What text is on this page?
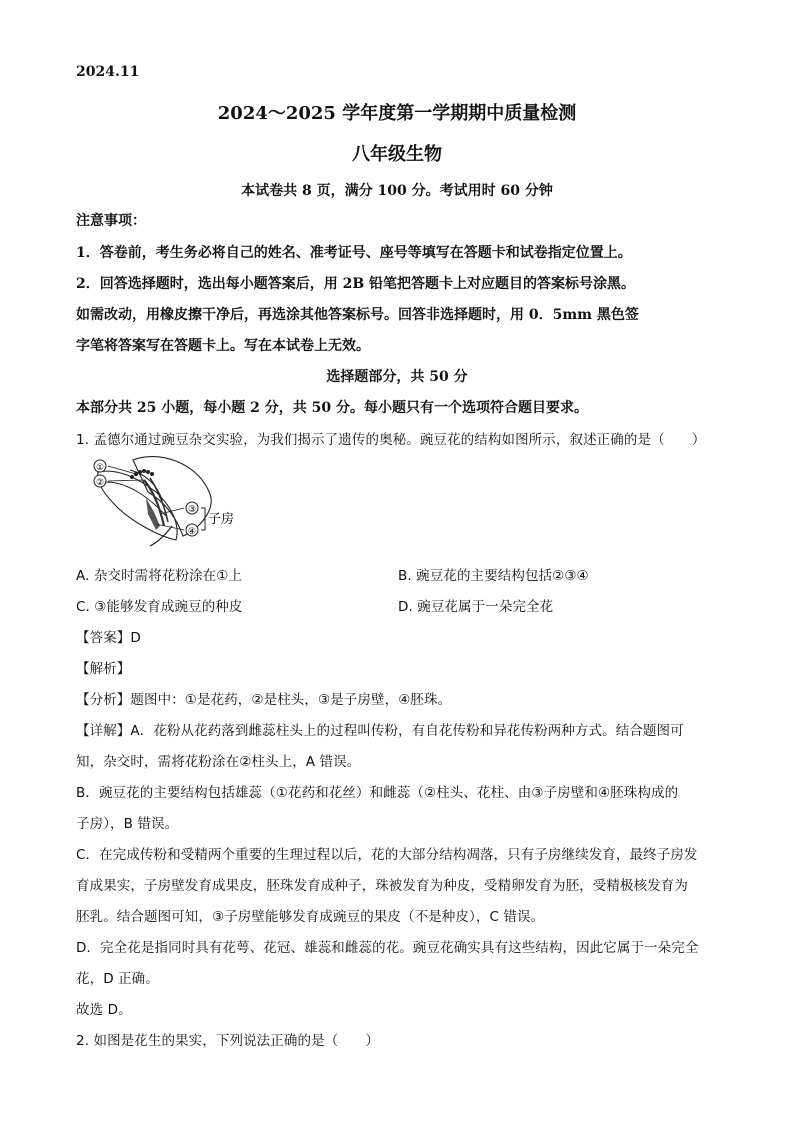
2024.11
2024～2025 学年度第一学期期中质量检测
八年级生物
本试卷共 8 页，满分 100 分。考试用时 60 分钟
注意事项：
1．答卷前，考生务必将自己的姓名、准考证号、座号等填写在答题卡和试卷指定位置上。
2．回答选择题时，选出每小题答案后，用 2B 铅笔把答题卡上对应题目的答案标号涂黑。
如需改动，用橡皮擦干净后，再选涂其他答案标号。回答非选择题时，用 0．5mm 黑色签
字笔将答案写在答题卡上。写在本试卷上无效。
选择题部分，共 50 分
本部分共 25 小题，每小题 2 分，共 50 分。每小题只有一个选项符合题目要求。
1. 孟德尔通过豌豆杂交实验，为我们揭示了遗传的奥秘。豌豆花的结构如图所示，叙述正确的是（　　）
①
②
③
④
子房
A. 杂交时需将花粉涂在①上	B. 豌豆花的主要结构包括②③④
C. ③能够发育成豌豆的种皮	D. 豌豆花属于一朵完全花
【答案】D
【解析】
【分析】题图中：①是花药，②是柱头，③是子房壁，④胚珠。
【详解】A．花粉从花药落到雌蕊柱头上的过程叫传粉，有自花传粉和异花传粉两种方式。结合题图可
知，杂交时，需将花粉涂在②柱头上，A 错误。
B．豌豆花的主要结构包括雄蕊（①花药和花丝）和雌蕊（②柱头、花柱、由③子房壁和④胚珠构成的
子房），B 错误。
C．在完成传粉和受精两个重要的生理过程以后，花的大部分结构凋落，只有子房继续发育，最终子房发
育成果实，子房壁发育成果皮，胚珠发育成种子，珠被发育为种皮，受精卵发育为胚，受精极核发育为
胚乳。结合题图可知，③子房壁能够发育成豌豆的果皮（不是种皮），C 错误。
D．完全花是指同时具有花萼、花冠、雄蕊和雌蕊的花。豌豆花确实具有这些结构，因此它属于一朵完全
花，D 正确。
故选 D。
2. 如图是花生的果实，下列说法正确的是（　　）
